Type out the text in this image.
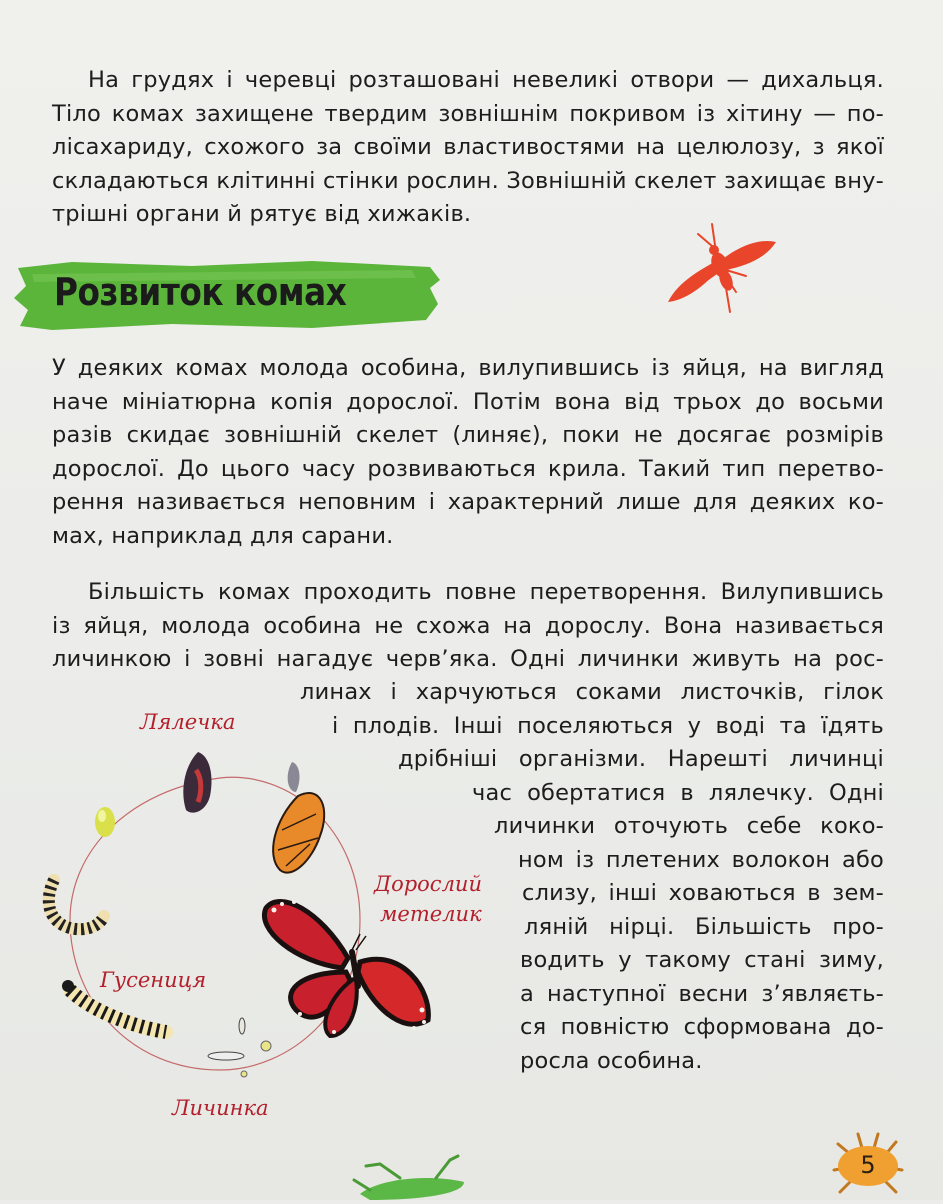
На грудях і черевці розташовані невеликі отвори — дихальця.
Тіло комах захищене твердим зовнішнім покривом із хітину — по-
лісахариду, схожого за своїми властивостями на целюлозу, з якої
складаються клітинні стінки рослин. Зовнішній скелет захищає вну-
трішні органи й рятує від хижаків.
Розвиток комах
У деяких комах молода особина, вилупившись із яйця, на вигляд
наче мініатюрна копія дорослої. Потім вона від трьох до восьми
разів скидає зовнішній скелет (линяє), поки не досягає розмірів
дорослої. До цього часу розвиваються крила. Такий тип перетво-
рення називається неповним і характерний лише для деяких ко-
мах, наприклад для сарани.
Більшість комах проходить повне перетворення. Вилупившись
із яйця, молода особина не схожа на дорослу. Вона називається
личинкою і зовні нагадує черв’яка. Одні личинки живуть на рос-
линах і харчуються соками листочків, гілок
і плодів. Інші поселяються у воді та їдять
дрібніші організми. Нарешті личинці
час обертатися в лялечку. Одні
личинки оточують себе коко-
ном із плетених волокон або
слизу, інші ховаються в зем-
ляній нірці. Більшість про-
водить у такому стані зиму,
а наступної весни з’являєть-
ся повністю сформована до-
росла особина.
Лялечка
Дорослий
метелик
Гусениця
Личинка
5
